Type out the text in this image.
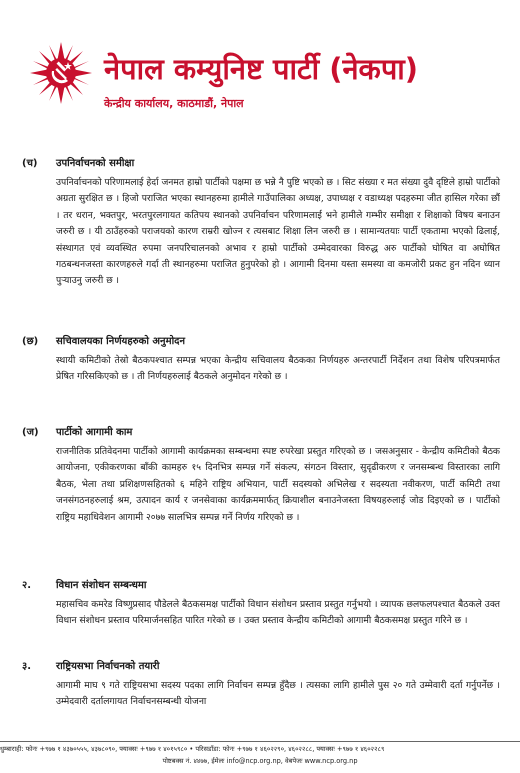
नेपाल कम्युनिष्ट पार्टी (नेकपा)
केन्द्रीय कार्यालय, काठमाडौं, नेपाल
(च) उपनिर्वाचनको समीक्षा
उपनिर्वाचनको परिणामलाई हेर्दा जनमत हाम्रो पार्टीको पक्षमा छ भन्ने नै पुष्टि भएको छ । सिट संख्या र मत संख्या दुवै दृष्टिले हाम्रो पार्टीको अग्रता सुरक्षित छ । हिजो पराजित भएका स्थानहरुमा हामीले गाउँपालिका अध्यक्ष, उपाध्यक्ष र वडाध्यक्ष पदहरुमा जीत हासिल गरेका छौं । तर धरान, भक्तपुर, भरतपुरलगायत कतिपय स्थानको उपनिर्वाचन परिणामलाई भने हामीले गम्भीर समीक्षा र शिक्षाको विषय बनाउन जरुरी छ । यी ठाउँहरुको पराजयको कारण राम्ररी खोज्न र त्यसबाट शिक्षा लिन जरुरी छ । सामान्यतयाः पार्टी एकतामा भएको ढिलाई, संस्थागत एवं व्यवस्थित रुपमा जनपरिचालनको अभाव र हाम्रो पार्टीको उम्मेदवारका विरुद्ध अरु पार्टीको घोषित वा अघोषित गठबन्धनजस्ता कारणहरुले गर्दा ती स्थानहरुमा पराजित हुनुपरेको हो । आगामी दिनमा यस्ता समस्या वा कमजोरी प्रकट हुन नदिन ध्यान पुऱ्याउनु जरुरी छ ।
(छ) सचिवालयका निर्णयहरुको अनुमोदन
स्थायी कमिटीको तेस्रो बैठकपश्चात सम्पन्न भएका केन्द्रीय सचिवालय बैठकका निर्णयहरु अन्तरपार्टी निर्देशन तथा विशेष परिपत्रमार्फत प्रेषित गरिसकिएको छ । ती निर्णयहरुलाई बैठकले अनुमोदन गरेको छ ।
(ज) पार्टीको आगामी काम
राजनीतिक प्रतिवेदनमा पार्टीको आगामी कार्यक्रमका सम्बन्धमा स्पष्ट रुपरेखा प्रस्तुत गरिएको छ । जसअनुसार - केन्द्रीय कमिटीको बैठक आयोजना, एकीकरणका बाँकी कामहरु १५ दिनभित्र सम्पन्न गर्ने संकल्प, संगठन विस्तार, सुदृढीकरण र जनसम्बन्ध विस्तारका लागि बैठक, भेला तथा प्रशिक्षणसहितको ६ महिने राष्ट्रिय अभियान, पार्टी सदस्यको अभिलेख र सदस्यता नवीकरण, पार्टी कमिटी तथा जनसंगठनहरुलाई श्रम, उत्पादन कार्य र जनसेवाका कार्यक्रममार्फत् क्रियाशील बनाउनेजस्ता विषयहरुलाई जोड दिइएको छ । पार्टीको राष्ट्रिय महाधिवेशन आगामी २०७७ सालभित्र सम्पन्न गर्ने निर्णय गरिएको छ ।
२.	विधान संशोधन सम्बन्धमा
महासचिव कमरेड विष्णुप्रसाद पौडेलले बैठकसमक्ष पार्टीको विधान संशोधन प्रस्ताव प्रस्तुत गर्नुभयो । व्यापक छलफलपश्चात बैठकले उक्त विधान संशोधन प्रस्ताव परिमार्जनसहित पारित गरेको छ । उक्त प्रस्ताव केन्द्रीय कमिटीको आगामी बैठकसमक्ष प्रस्तुत गरिने छ ।
३.	राष्ट्रियसभा निर्वाचनको तयारी
आगामी माघ ९ गते राष्ट्रियसभा सदस्य पदका लागि निर्वाचन सम्पन्न हुँदैछ । त्यसका लागि हामीले पुस २० गते उम्मेवारी दर्ता गर्नुपर्नेछ । उम्मेदवारी दर्तालगायत निर्वाचनसम्बन्धी योजना
धुम्बाराही: फोनः +९७७ १ ४३७०५५५, ४३७८०९०, फ्याक्सः +९७७ १ ४०१५९८० • परिसडाँडा: फोनः +९७७ १ ४६०२२९०, ४६०२२८८, फ्याक्सः +९७७ १ ४६०२२८९
पोष्टबक्स नं. ४४७७, ईमेलः info@ncp.org.np, वेबपेजः www.ncp.org.np
